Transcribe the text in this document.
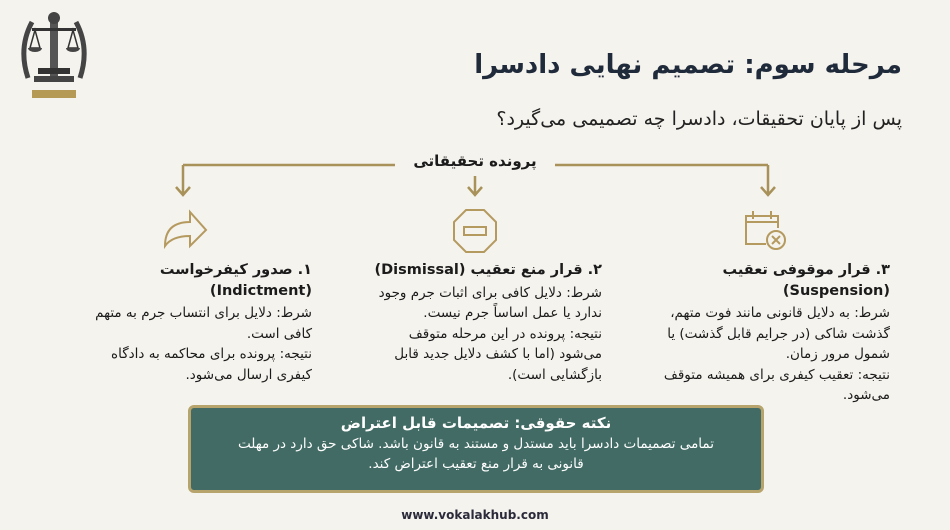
مرحله سوم: تصمیم نهایی دادسرا
پس از پایان تحقیقات، دادسرا چه تصمیمی می‌گیرد؟
پرونده تحقیقاتی
۱. صدور کیفرخواست (Indictment)

شرط: دلایل برای انتساب جرم به متهم کافی است.

نتیجه: پرونده برای محاکمه به دادگاه کیفری ارسال می‌شود.

۲. قرار منع تعقیب (Dismissal)

شرط: دلایل کافی برای اثبات جرم وجود ندارد یا عمل اساساً جرم نیست.

نتیجه: پرونده در این مرحله متوقف می‌شود (اما با کشف دلایل جدید قابل بازگشایی است).

۳. قرار موقوفی تعقیب (Suspension)

شرط: به دلایل قانونی مانند فوت متهم، گذشت شاکی (در جرایم قابل گذشت) یا شمول مرور زمان.

نتیجه: تعقیب کیفری برای همیشه متوقف می‌شود.

نکته حقوقی: تصمیمات قابل اعتراض

تمامی تصمیمات دادسرا باید مستدل و مستند به قانون باشد. شاکی حق دارد در مهلت قانونی به قرار منع تعقیب اعتراض کند.

www.vokalakhub.com
